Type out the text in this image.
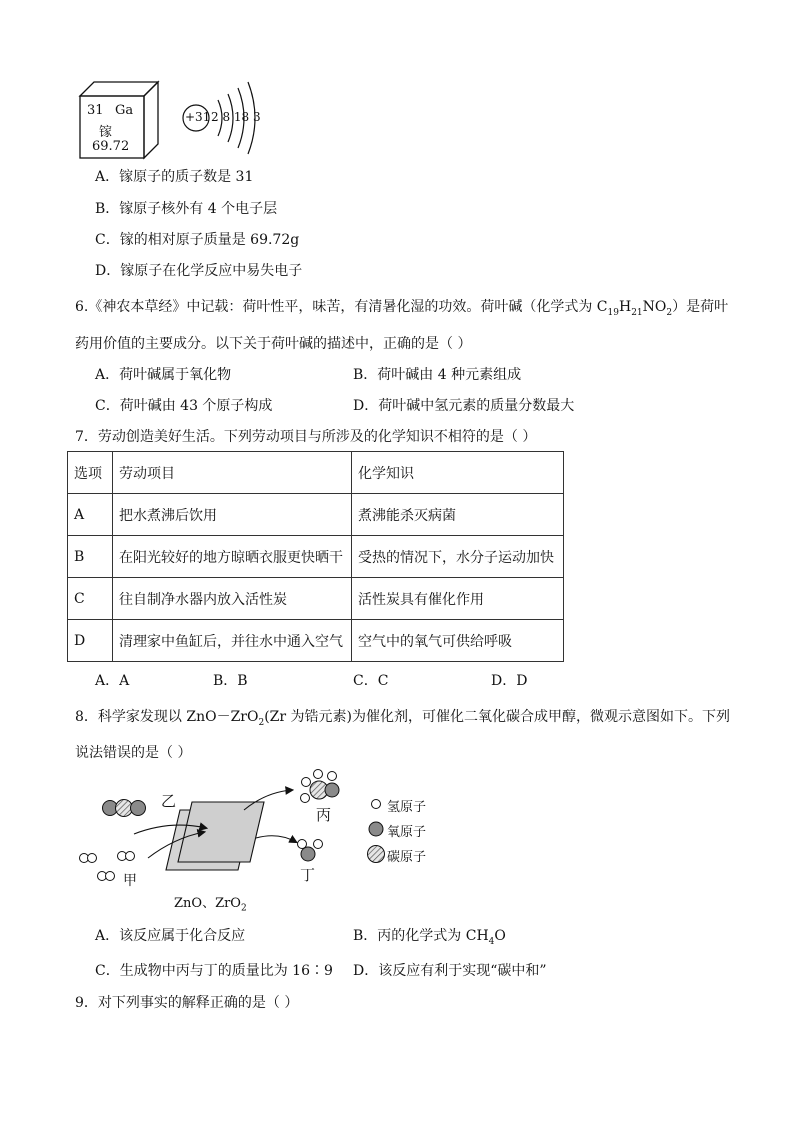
31 Ga
镓
69.72
+31 2 8 18 3
A．镓原子的质子数是 31
B．镓原子核外有 4 个电子层
C．镓的相对原子质量是 69.72g
D．镓原子在化学反应中易失电子
6.《神农本草经》中记载：荷叶性平，味苦，有清暑化湿的功效。荷叶碱（化学式为 $C_{19}H_{21}NO_2$）是荷叶
药用价值的主要成分。以下关于荷叶碱的描述中，正确的是（ ）
A．荷叶碱属于氧化物	B．荷叶碱由 4 种元素组成
C．荷叶碱由 43 个原子构成	D．荷叶碱中氢元素的质量分数最大
7．劳动创造美好生活。下列劳动项目与所涉及的化学知识不相符的是（ ）
选项	劳动项目	化学知识
A	把水煮沸后饮用	煮沸能杀灭病菌
B	在阳光较好的地方晾晒衣服更快晒干	受热的情况下，水分子运动加快
C	往自制净水器内放入活性炭	活性炭具有催化作用
D	清理家中鱼缸后，并往水中通入空气	空气中的氧气可供给呼吸
A．A	B．B	C．C	D．D
8．科学家发现以 ZnO－ZrO$_2$(Zr 为锆元素)为催化剂，可催化二氧化碳合成甲醇，微观示意图如下。下列
说法错误的是（ ）
乙
甲
丙
丁
ZnO、ZrO$_2$
氢原子
氧原子
碳原子
A．该反应属于化合反应	B．丙的化学式为 $CH_4O$
C．生成物中丙与丁的质量比为 16∶9 D．该反应有利于实现“碳中和”
9．对下列事实的解释正确的是（ ）
